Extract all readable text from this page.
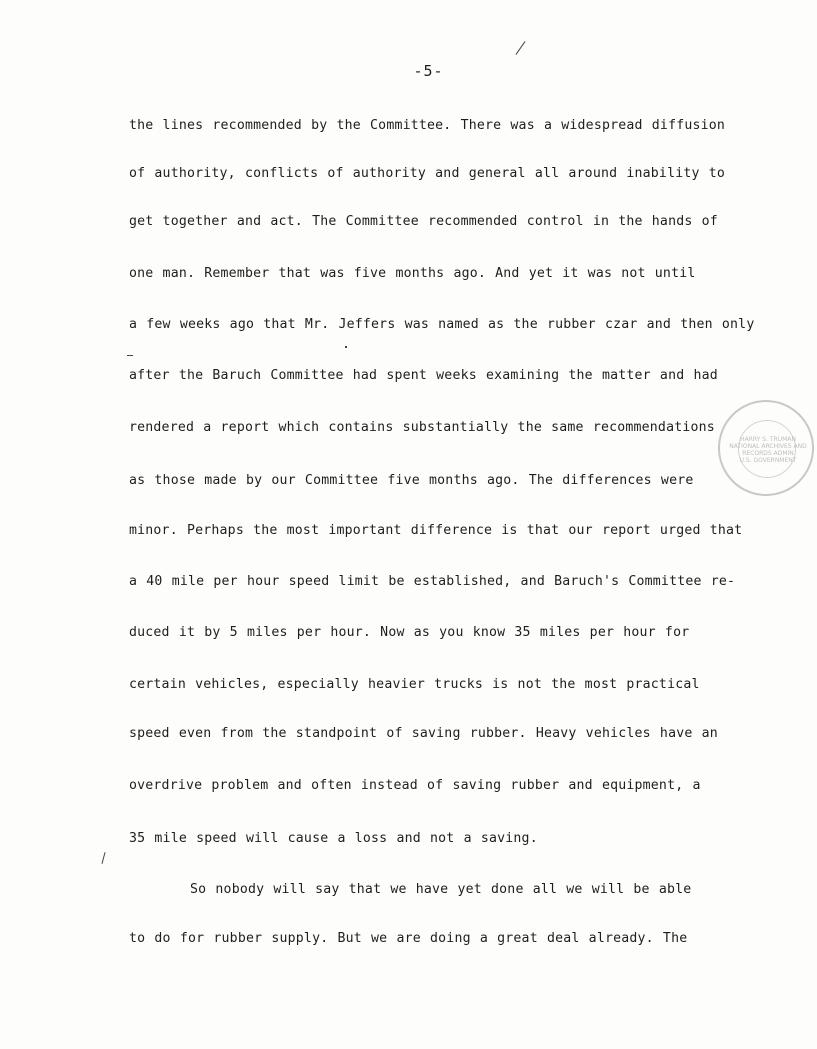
-5-
the lines recommended by the Committee. There was a widespread diffusion
of authority, conflicts of authority and general all around inability to
get together and act. The Committee recommended control in the hands of
one man. Remember that was five months ago. And yet it was not until
a few weeks ago that Mr. Jeffers was named as the rubber czar and then only
after the Baruch Committee had spent weeks examining the matter and had
rendered a report which contains substantially the same recommendations
as those made by our Committee five months ago. The differences were
minor. Perhaps the most important difference is that our report urged that
a 40 mile per hour speed limit be established, and Baruch's Committee re-
duced it by 5 miles per hour. Now as you know 35 miles per hour for
certain vehicles, especially heavier trucks is not the most practical
speed even from the standpoint of saving rubber. Heavy vehicles have an
overdrive problem and often instead of saving rubber and equipment, a
35 mile speed will cause a loss and not a saving.
So nobody will say that we have yet done all we will be able
to do for rubber supply. But we are doing a great deal already. The
HARRY S. TRUMAN
NATIONAL ARCHIVES AND RECORDS ADMIN
U.S. GOVERNMENT
